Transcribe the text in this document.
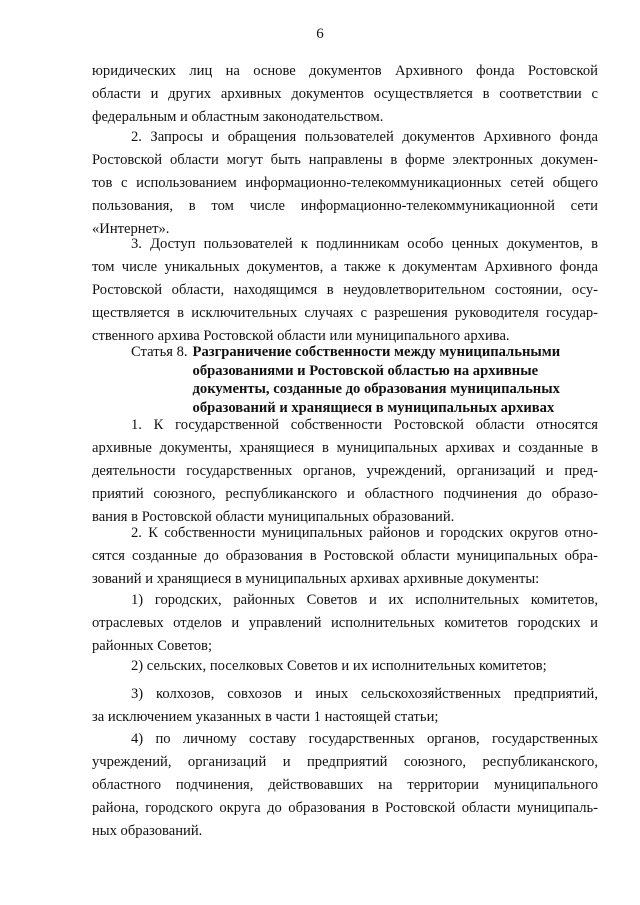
6
юридических лиц на основе документов Архивного фонда Ростовской
области и других архивных документов осуществляется в соответствии с
федеральным и областным законодательством.
2. Запросы и обращения пользователей документов Архивного фонда
Ростовской области могут быть направлены в форме электронных докумен-
тов с использованием информационно-телекоммуникационных сетей общего
пользования, в том числе информационно-телекоммуникационной сети
«Интернет».
3. Доступ пользователей к подлинникам особо ценных документов, в
том числе уникальных документов, а также к документам Архивного фонда
Ростовской области, находящимся в неудовлетворительном состоянии, осу-
ществляется в исключительных случаях с разрешения руководителя государ-
ственного архива Ростовской области или муниципального архива.
Статья 8. Разграничение собственности между муниципальными
образованиями и Ростовской областью на архивные
документы, созданные до образования муниципальных
образований и хранящиеся в муниципальных архивах
1. К государственной собственности Ростовской области относятся
архивные документы, хранящиеся в муниципальных архивах и созданные в
деятельности государственных органов, учреждений, организаций и пред-
приятий союзного, республиканского и областного подчинения до образо-
вания в Ростовской области муниципальных образований.
2. К собственности муниципальных районов и городских округов отно-
сятся созданные до образования в Ростовской области муниципальных обра-
зований и хранящиеся в муниципальных архивах архивные документы:
1) городских, районных Советов и их исполнительных комитетов,
отраслевых отделов и управлений исполнительных комитетов городских и
районных Советов;
2) сельских, поселковых Советов и их исполнительных комитетов;
3) колхозов, совхозов и иных сельскохозяйственных предприятий,
за исключением указанных в части 1 настоящей статьи;
4) по личному составу государственных органов, государственных
учреждений, организаций и предприятий союзного, республиканского,
областного подчинения, действовавших на территории муниципального
района, городского округа до образования в Ростовской области муниципаль-
ных образований.
